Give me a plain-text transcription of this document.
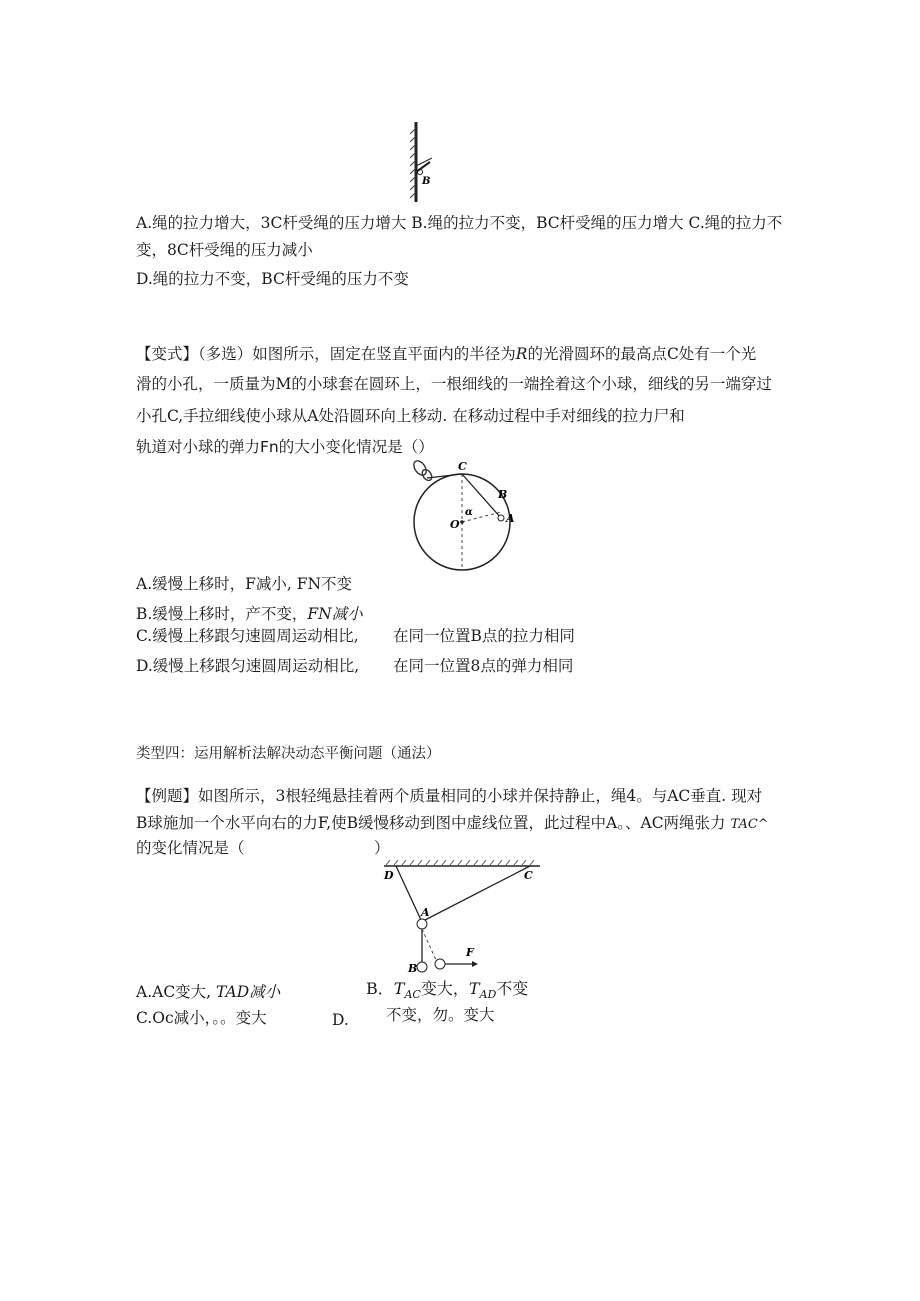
B
A.绳的拉力增大，3C杆受绳的压力增大 B.绳的拉力不变，BC杆受绳的压力增大 C.绳的拉力不
变，8C杆受绳的压力减小
D.绳的拉力不变，BC杆受绳的压力不变
【变式】（多选）如图所示，固定在竖直平面内的半径为R的光滑圆环的最高点C处有一个光
滑的小孔，一质量为M的小球套在圆环上，一根细线的一端拴着这个小球，细线的另一端穿过
小孔C,手拉细线使小球从A处沿圆环向上移动. 在移动过程中手对细线的拉力尸和
轨道对小球的弹力Fn的大小变化情况是（）
C
B
A
O
α
A.缓慢上移时，F减小, FN不变
B.缓慢上移时，产不变，FN减小
C.缓慢上移跟匀速圆周运动相比, 在同一位置B点的拉力相同
D.缓慢上移跟匀速圆周运动相比, 在同一位置8点的弹力相同
类型四：运用解析法解决动态平衡问题（通法）
【例题】如图所示，3根轻绳悬挂着两个质量相同的小球并保持静止，绳4。与AC垂直. 现对
B球施加一个水平向右的力F,使B缓慢移动到图中虚线位置，此过程中A。、AC两绳张力 TAC^
的变化情况是（	）
D	C
A
B
F
A.AC变大, TAD减小	B．$T_{AC}$变大，$T_{AD}$不变
C.Oc减小，。。变大	D. 不变，勿。变大
